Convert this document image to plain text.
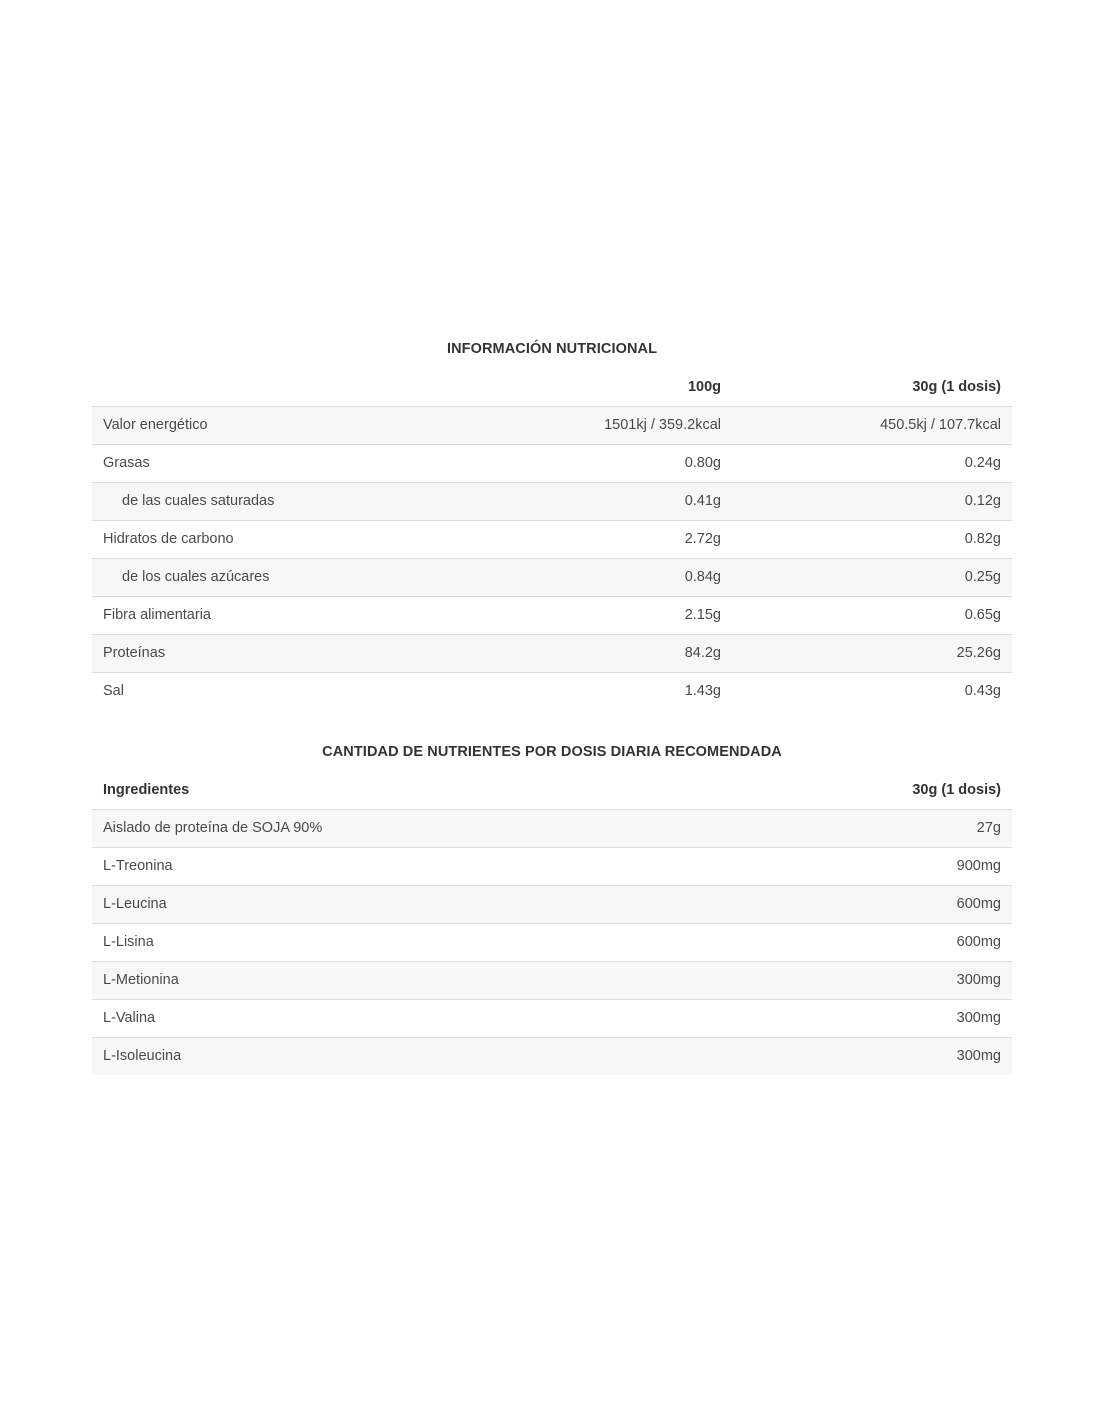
INFORMACIÓN NUTRICIONAL
	100g	30g (1 dosis)
Valor energético	1501kj / 359.2kcal	450.5kj / 107.7kcal
Grasas	0.80g	0.24g
de las cuales saturadas	0.41g	0.12g
Hidratos de carbono	2.72g	0.82g
de los cuales azúcares	0.84g	0.25g
Fibra alimentaria	2.15g	0.65g
Proteínas	84.2g	25.26g
Sal	1.43g	0.43g
CANTIDAD DE NUTRIENTES POR DOSIS DIARIA RECOMENDADA
Ingredientes	30g (1 dosis)
Aislado de proteína de SOJA 90%	27g
L-Treonina	900mg
L-Leucina	600mg
L-Lisina	600mg
L-Metionina	300mg
L-Valina	300mg
L-Isoleucina	300mg
